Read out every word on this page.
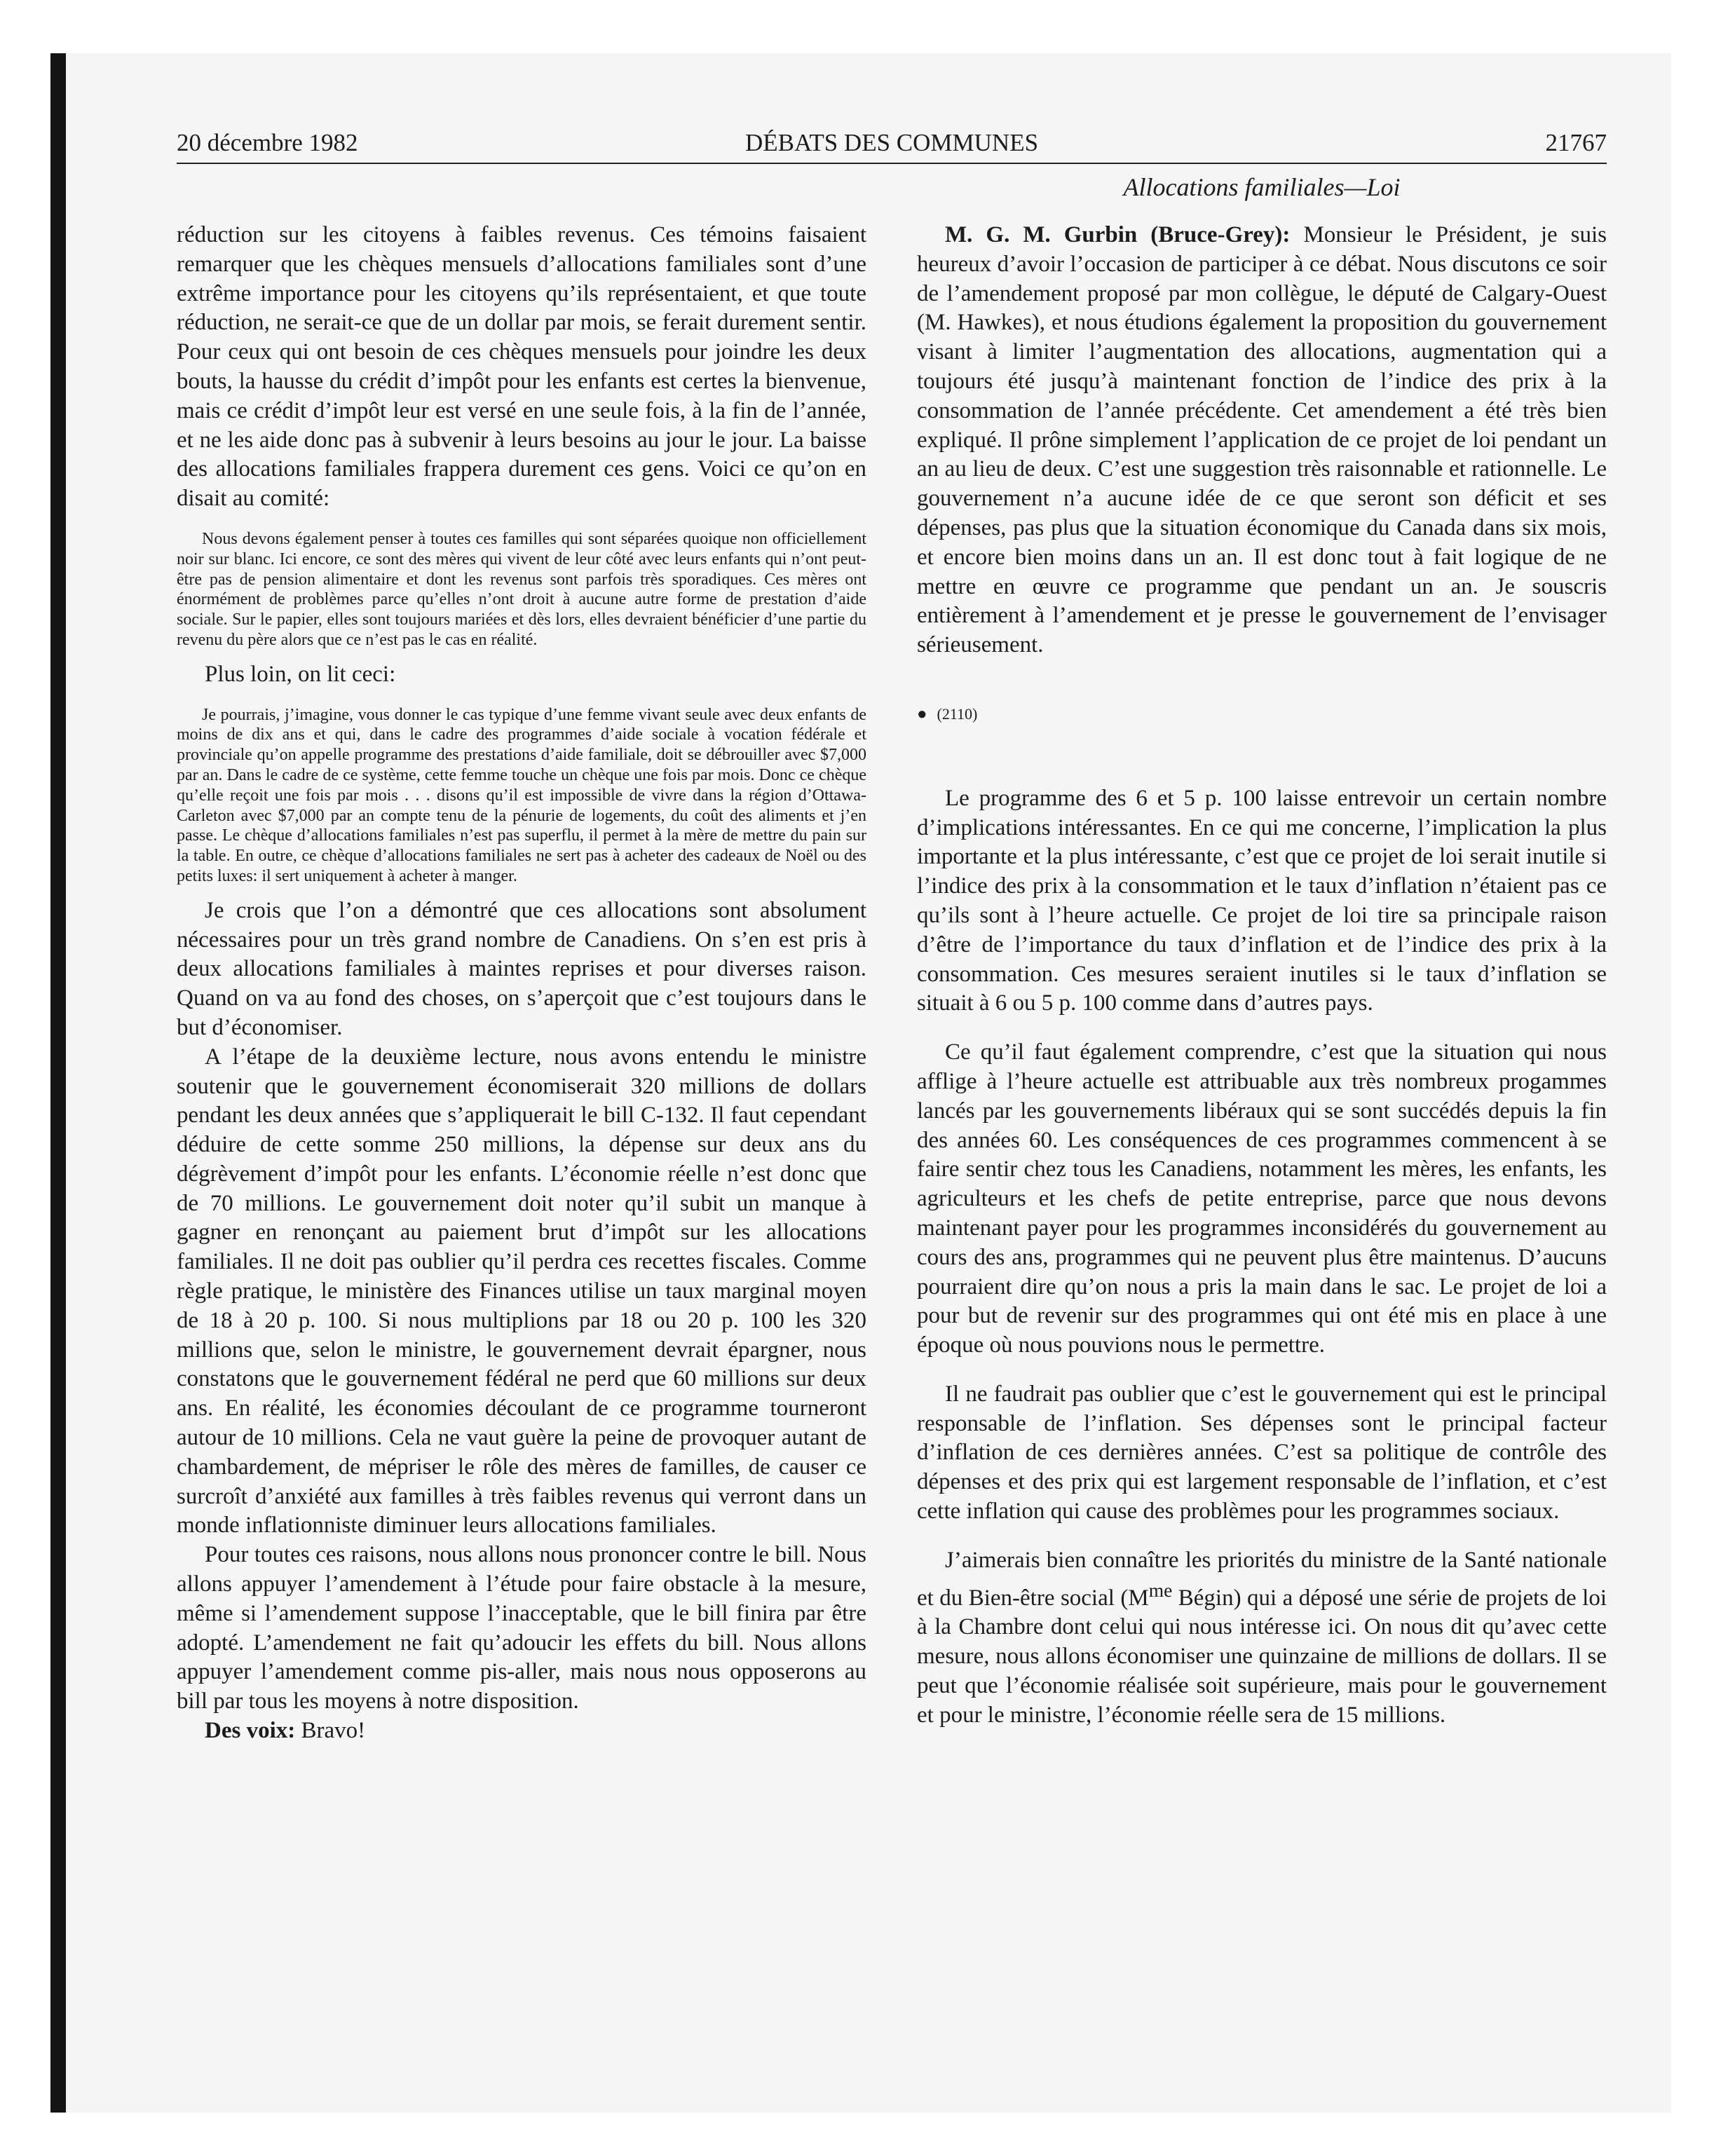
20 décembre 1982	DÉBATS DES COMMUNES	21767
Allocations familiales—Loi

réduction sur les citoyens à faibles revenus. Ces témoins faisaient remarquer que les chèques mensuels d’allocations familiales sont d’une extrême importance pour les citoyens qu’ils représentaient, et que toute réduction, ne serait-ce que de un dollar par mois, se ferait durement sentir. Pour ceux qui ont besoin de ces chèques mensuels pour joindre les deux bouts, la hausse du crédit d’impôt pour les enfants est certes la bienvenue, mais ce crédit d’impôt leur est versé en une seule fois, à la fin de l’année, et ne les aide donc pas à subvenir à leurs besoins au jour le jour. La baisse des allocations familiales frappera durement ces gens. Voici ce qu’on en disait au comité:

Nous devons également penser à toutes ces familles qui sont séparées quoique non officiellement noir sur blanc. Ici encore, ce sont des mères qui vivent de leur côté avec leurs enfants qui n’ont peut-être pas de pension alimentaire et dont les revenus sont parfois très sporadiques. Ces mères ont énormément de problèmes parce qu’elles n’ont droit à aucune autre forme de prestation d’aide sociale. Sur le papier, elles sont toujours mariées et dès lors, elles devraient bénéficier d’une partie du revenu du père alors que ce n’est pas le cas en réalité.

Plus loin, on lit ceci:

Je pourrais, j’imagine, vous donner le cas typique d’une femme vivant seule avec deux enfants de moins de dix ans et qui, dans le cadre des programmes d’aide sociale à vocation fédérale et provinciale qu’on appelle programme des prestations d’aide familiale, doit se débrouiller avec $7,000 par an. Dans le cadre de ce système, cette femme touche un chèque une fois par mois. Donc ce chèque qu’elle reçoit une fois par mois . . . disons qu’il est impossible de vivre dans la région d’Ottawa-Carleton avec $7,000 par an compte tenu de la pénurie de logements, du coût des aliments et j’en passe. Le chèque d’allocations familiales n’est pas superflu, il permet à la mère de mettre du pain sur la table. En outre, ce chèque d’allocations familiales ne sert pas à acheter des cadeaux de Noël ou des petits luxes: il sert uniquement à acheter à manger.

Je crois que l’on a démontré que ces allocations sont absolument nécessaires pour un très grand nombre de Canadiens. On s’en est pris à deux allocations familiales à maintes reprises et pour diverses raison. Quand on va au fond des choses, on s’aperçoit que c’est toujours dans le but d’économiser.

A l’étape de la deuxième lecture, nous avons entendu le ministre soutenir que le gouvernement économiserait 320 millions de dollars pendant les deux années que s’appliquerait le bill C-132. Il faut cependant déduire de cette somme 250 millions, la dépense sur deux ans du dégrèvement d’impôt pour les enfants. L’économie réelle n’est donc que de 70 millions. Le gouvernement doit noter qu’il subit un manque à gagner en renonçant au paiement brut d’impôt sur les allocations familiales. Il ne doit pas oublier qu’il perdra ces recettes fiscales. Comme règle pratique, le ministère des Finances utilise un taux marginal moyen de 18 à 20 p. 100. Si nous multiplions par 18 ou 20 p. 100 les 320 millions que, selon le ministre, le gouvernement devrait épargner, nous constatons que le gouvernement fédéral ne perd que 60 millions sur deux ans. En réalité, les économies découlant de ce programme tourneront autour de 10 millions. Cela ne vaut guère la peine de provoquer autant de chambardement, de mépriser le rôle des mères de familles, de causer ce surcroît d’anxiété aux familles à très faibles revenus qui verront dans un monde inflationniste diminuer leurs allocations familiales.

Pour toutes ces raisons, nous allons nous prononcer contre le bill. Nous allons appuyer l’amendement à l’étude pour faire obstacle à la mesure, même si l’amendement suppose l’inacceptable, que le bill finira par être adopté. L’amendement ne fait qu’adoucir les effets du bill. Nous allons appuyer l’amendement comme pis-aller, mais nous nous opposerons au bill par tous les moyens à notre disposition.

Des voix: Bravo!

M. G. M. Gurbin (Bruce-Grey): Monsieur le Président, je suis heureux d’avoir l’occasion de participer à ce débat. Nous discutons ce soir de l’amendement proposé par mon collègue, le député de Calgary-Ouest (M. Hawkes), et nous étudions également la proposition du gouvernement visant à limiter l’augmentation des allocations, augmentation qui a toujours été jusqu’à maintenant fonction de l’indice des prix à la consommation de l’année précédente. Cet amendement a été très bien expliqué. Il prône simplement l’application de ce projet de loi pendant un an au lieu de deux. C’est une suggestion très raisonnable et rationnelle. Le gouvernement n’a aucune idée de ce que seront son déficit et ses dépenses, pas plus que la situation économique du Canada dans six mois, et encore bien moins dans un an. Il est donc tout à fait logique de ne mettre en œuvre ce programme que pendant un an. Je souscris entièrement à l’amendement et je presse le gouvernement de l’envisager sérieusement.

● (2110)

Le programme des 6 et 5 p. 100 laisse entrevoir un certain nombre d’implications intéressantes. En ce qui me concerne, l’implication la plus importante et la plus intéressante, c’est que ce projet de loi serait inutile si l’indice des prix à la consommation et le taux d’inflation n’étaient pas ce qu’ils sont à l’heure actuelle. Ce projet de loi tire sa principale raison d’être de l’importance du taux d’inflation et de l’indice des prix à la consommation. Ces mesures seraient inutiles si le taux d’inflation se situait à 6 ou 5 p. 100 comme dans d’autres pays.

Ce qu’il faut également comprendre, c’est que la situation qui nous afflige à l’heure actuelle est attribuable aux très nombreux progammes lancés par les gouvernements libéraux qui se sont succédés depuis la fin des années 60. Les conséquences de ces programmes commencent à se faire sentir chez tous les Canadiens, notamment les mères, les enfants, les agriculteurs et les chefs de petite entreprise, parce que nous devons maintenant payer pour les programmes inconsidérés du gouvernement au cours des ans, programmes qui ne peuvent plus être maintenus. D’aucuns pourraient dire qu’on nous a pris la main dans le sac. Le projet de loi a pour but de revenir sur des programmes qui ont été mis en place à une époque où nous pouvions nous le permettre.

Il ne faudrait pas oublier que c’est le gouvernement qui est le principal responsable de l’inflation. Ses dépenses sont le principal facteur d’inflation de ces dernières années. C’est sa politique de contrôle des dépenses et des prix qui est largement responsable de l’inflation, et c’est cette inflation qui cause des problèmes pour les programmes sociaux.

J’aimerais bien connaître les priorités du ministre de la Santé nationale et du Bien-être social ($M^{me}$ Bégin) qui a déposé une série de projets de loi à la Chambre dont celui qui nous intéresse ici. On nous dit qu’avec cette mesure, nous allons économiser une quinzaine de millions de dollars. Il se peut que l’économie réalisée soit supérieure, mais pour le gouvernement et pour le ministre, l’économie réelle sera de 15 millions.
